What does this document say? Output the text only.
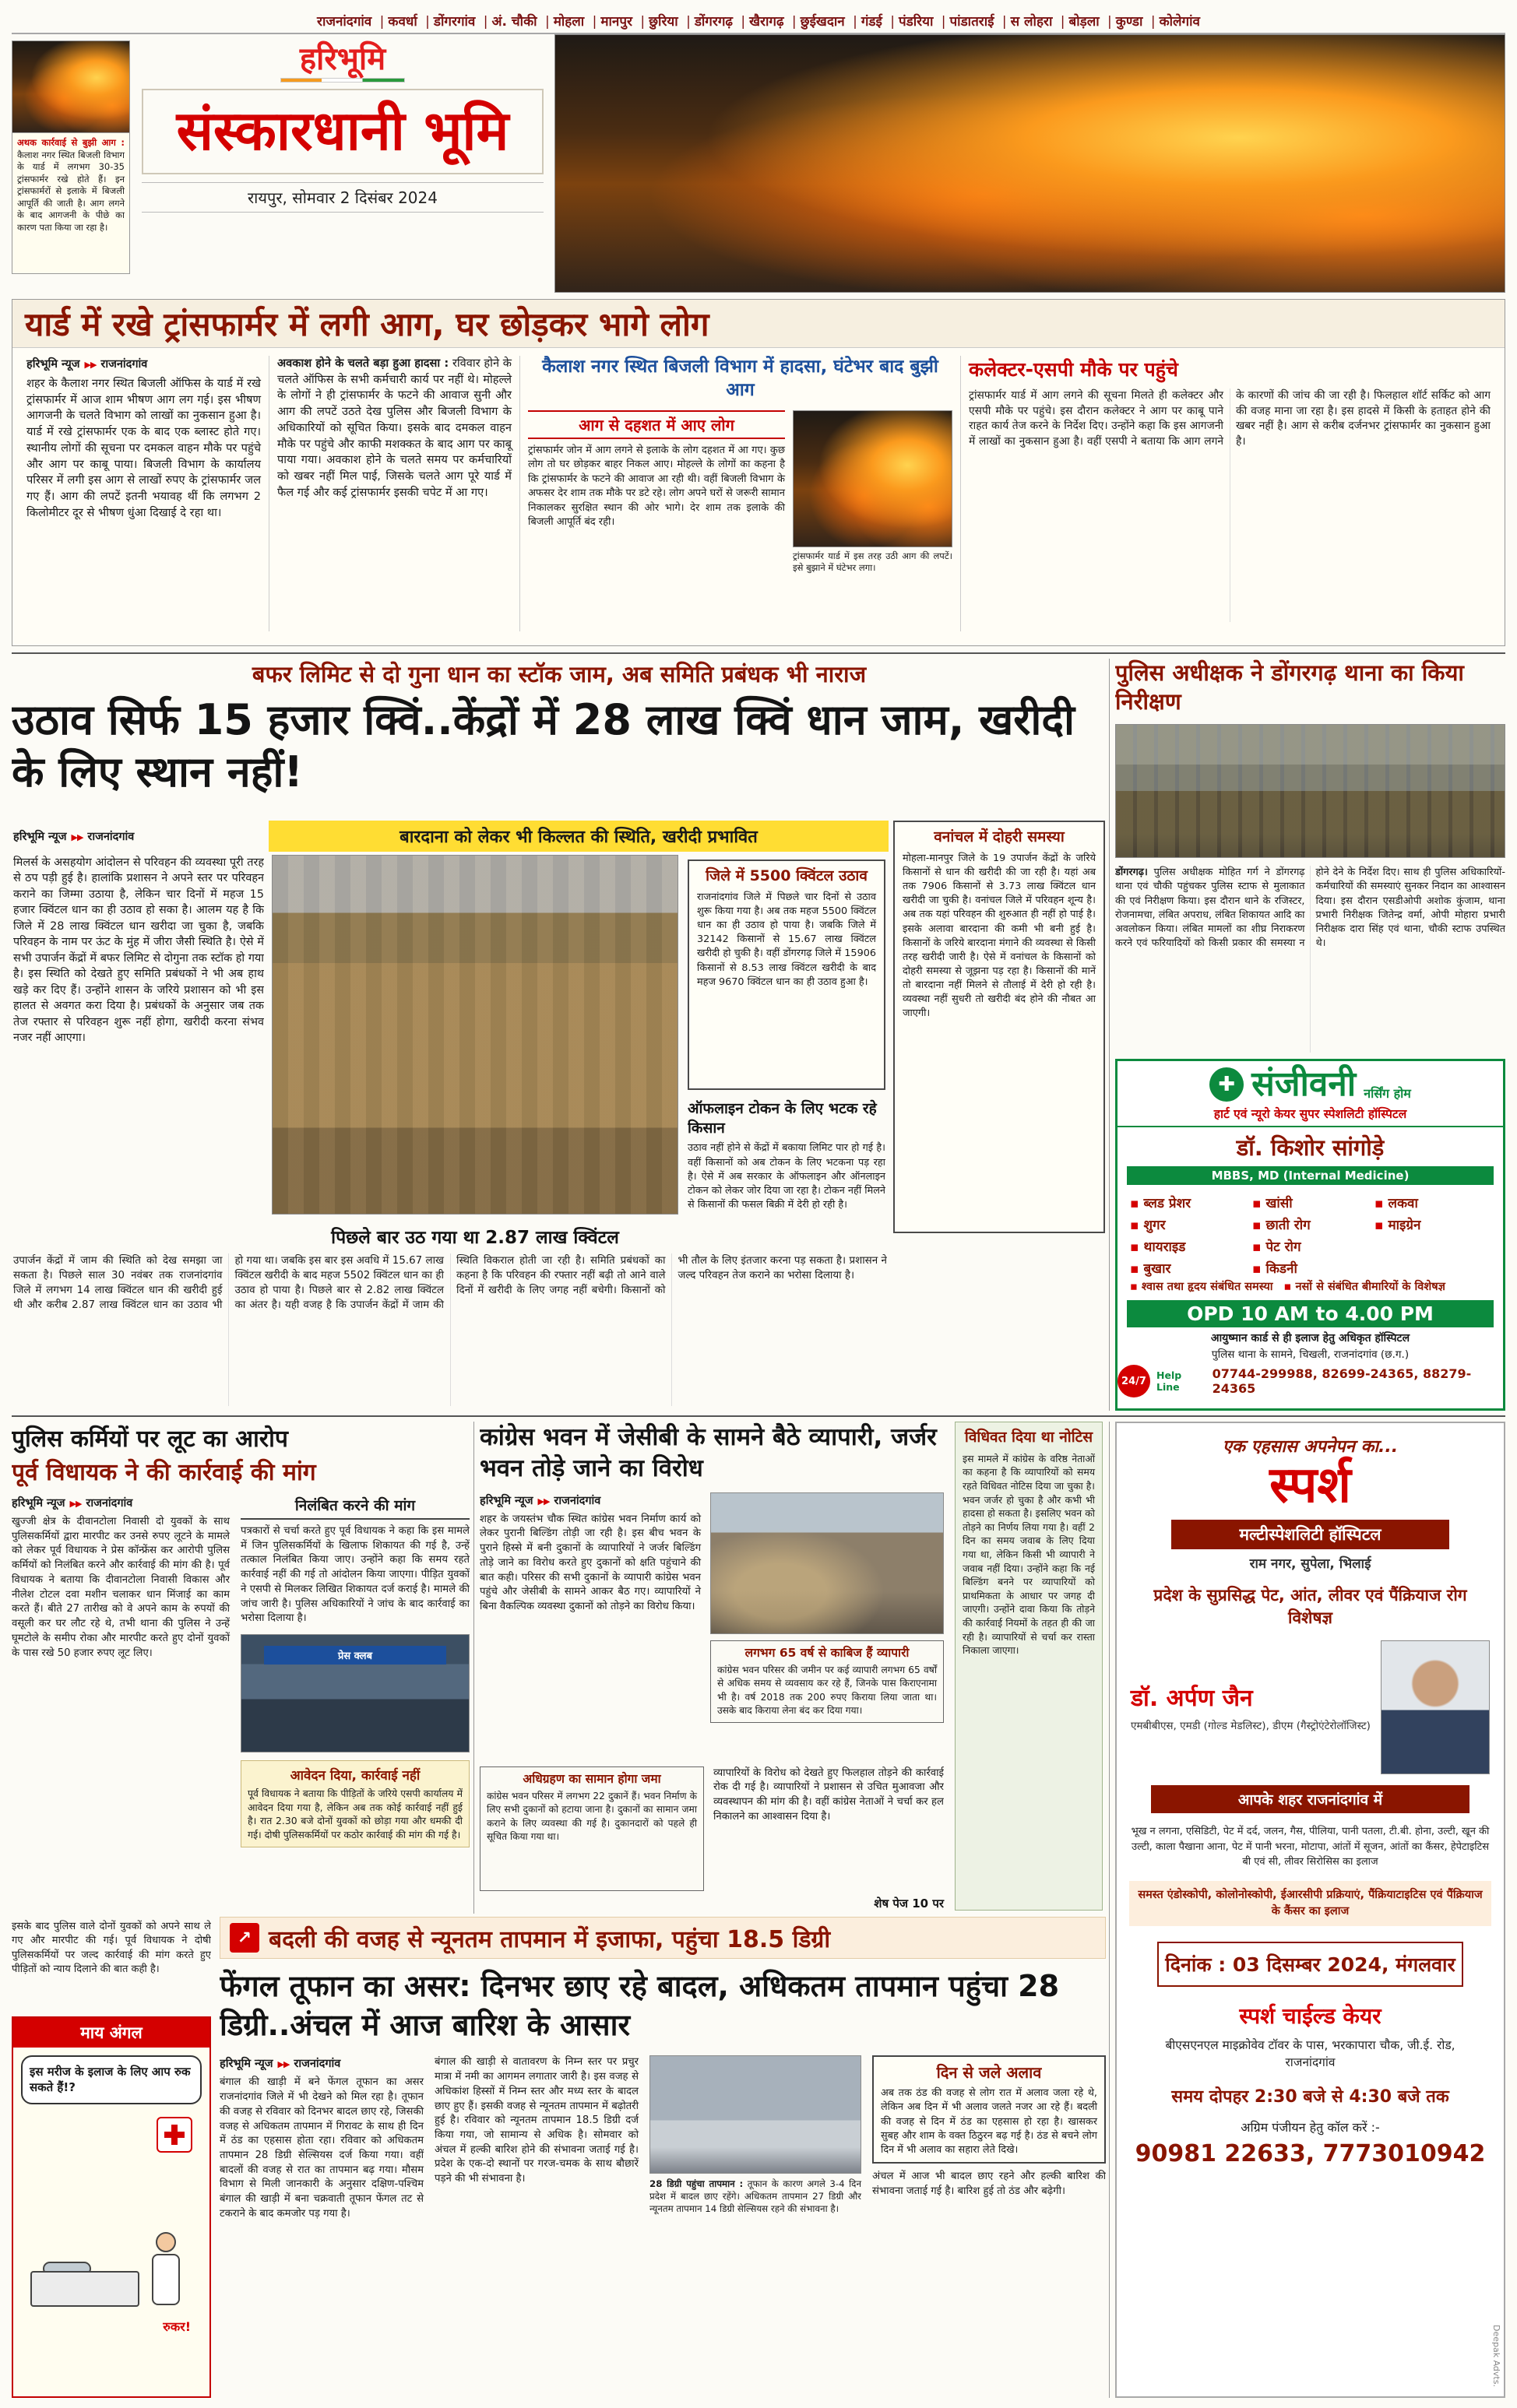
राजनांदगांव |	कवर्धा |	डोंगरगांव |	अं. चौकी |	मोहला |	मानपुर |	छुरिया |	डोंगरगढ़ |	खैरागढ़ |	छुईखदान |	गंडई |	पंडरिया |	पांडातराई |	स लोहरा |	बोड़ला |	कुण्डा |	कोलेगांव
अथक कार्रवाई से बुझी आग : कैलाश नगर स्थित बिजली विभाग के यार्ड में लगभग 30-35 ट्रांसफार्मर रखे होते हैं। इन ट्रांसफार्मरों से इलाके में बिजली आपूर्ति की जाती है। आग लगने के बाद आगजनी के पीछे का कारण पता किया जा रहा है।
हरिभूमि
संस्कारधानी भूमि
रायपुर, सोमवार 2 दिसंबर 2024
यार्ड में रखे ट्रांसफार्मर में लगी आग, घर छोड़कर भागे लोग
हरिभूमि न्यूज ▶▶ राजनांदगांव

शहर के कैलाश नगर स्थित बिजली ऑफिस के यार्ड में रखे ट्रांसफार्मर में आज शाम भीषण आग लग गई। इस भीषण आगजनी के चलते विभाग को लाखों का नुकसान हुआ है। यार्ड में रखे ट्रांसफार्मर एक के बाद एक ब्लास्ट होते गए। स्थानीय लोगों की सूचना पर दमकल वाहन मौके पर पहुंचे और आग पर काबू पाया। बिजली विभाग के कार्यालय परिसर में लगी इस आग से लाखों रुपए के ट्रांसफार्मर जल गए हैं। आग की लपटें इतनी भयावह थीं कि लगभग 2 किलोमीटर दूर से भीषण धुंआ दिखाई दे रहा था।

अवकाश होने के चलते बड़ा हुआ हादसा : रविवार होने के चलते ऑफिस के सभी कर्मचारी कार्य पर नहीं थे। मोहल्ले के लोगों ने ही ट्रांसफार्मर के फटने की आवाज सुनी और आग की लपटें उठते देख पुलिस और बिजली विभाग के अधिकारियों को सूचित किया। इसके बाद दमकल वाहन मौके पर पहुंचे और काफी मशक्कत के बाद आग पर काबू पाया गया। अवकाश होने के चलते समय पर कर्मचारियों को खबर नहीं मिल पाई, जिसके चलते आग पूरे यार्ड में फैल गई और कई ट्रांसफार्मर इसकी चपेट में आ गए।

कैलाश नगर स्थित बिजली विभाग में हादसा, घंटेभर बाद बुझी आग
आग से दहशत में आए लोग

ट्रांसफार्मर जोन में आग लगने से इलाके के लोग दहशत में आ गए। कुछ लोग तो घर छोड़कर बाहर निकल आए। मोहल्ले के लोगों का कहना है कि ट्रांसफार्मर के फटने की आवाज आ रही थी। वहीं बिजली विभाग के अफसर देर शाम तक मौके पर डटे रहे। लोग अपने घरों से जरूरी सामान निकालकर सुरक्षित स्थान की ओर भागे। देर शाम तक इलाके की बिजली आपूर्ति बंद रही।

ट्रांसफार्मर यार्ड में इस तरह उठी आग की लपटें। इसे बुझाने में घंटेभर लगा।
कलेक्टर-एसपी मौके पर पहुंचे

ट्रांसफार्मर यार्ड में आग लगने की सूचना मिलते ही कलेक्टर और एसपी मौके पर पहुंचे। इस दौरान कलेक्टर ने आग पर काबू पाने राहत कार्य तेज करने के निर्देश दिए। उन्होंने कहा कि इस आगजनी में लाखों का नुकसान हुआ है। वहीं एसपी ने बताया कि आग लगने के कारणों की जांच की जा रही है। फिलहाल शॉर्ट सर्किट को आग की वजह माना जा रहा है। इस हादसे में किसी के हताहत होने की खबर नहीं है। आग से करीब दर्जनभर ट्रांसफार्मर का नुकसान हुआ है।

बफर लिमिट से दो गुना धान का स्टॉक जाम, अब समिति प्रबंधक भी नाराज
उठाव सिर्फ 15 हजार क्विं..केंद्रों में 28 लाख क्विं धान जाम, खरीदी के लिए स्थान नहीं!
हरिभूमि न्यूज ▶▶ राजनांदगांव	बारदाना को लेकर भी किल्लत की स्थिति, खरीदी प्रभावित	वनांचल में दोहरी समस्या

मोहला-मानपुर जिले के 19 उपार्जन केंद्रों के जरिये किसानों से धान की खरीदी की जा रही है। यहां अब तक 7906 किसानों से 3.73 लाख क्विंटल धान खरीदी जा चुकी है। वनांचल जिले में परिवहन शून्य है। अब तक यहां परिवहन की शुरुआत ही नहीं हो पाई है। इसके अलावा बारदाना की कमी भी बनी हुई है। किसानों के जरिये बारदाना मंगाने की व्यवस्था से किसी तरह खरीदी जारी है। ऐसे में वनांचल के किसानों को दोहरी समस्या से जूझना पड़ रहा है। किसानों की मानें तो बारदाना नहीं मिलने से तौलाई में देरी हो रही है। व्यवस्था नहीं सुधरी तो खरीदी बंद होने की नौबत आ जाएगी।

मिलर्स के असहयोग आंदोलन से परिवहन की व्यवस्था पूरी तरह से ठप पड़ी हुई है। हालांकि प्रशासन ने अपने स्तर पर परिवहन कराने का जिम्मा उठाया है, लेकिन चार दिनों में महज 15 हजार क्विंटल धान का ही उठाव हो सका है। आलम यह है कि जिले में 28 लाख क्विंटल धान खरीदा जा चुका है, जबकि परिवहन के नाम पर ऊंट के मुंह में जीरा जैसी स्थिति है। ऐसे में सभी उपार्जन केंद्रों में बफर लिमिट से दोगुना तक स्टॉक हो गया है। इस स्थिति को देखते हुए समिति प्रबंधकों ने भी अब हाथ खड़े कर दिए हैं। उन्होंने शासन के जरिये प्रशासन को भी इस हालत से अवगत करा दिया है। प्रबंधकों के अनुसार जब तक तेज रफ्तार से परिवहन शुरू नहीं होगा, खरीदी करना संभव नजर नहीं आएगा।

जिले में 5500 क्विंटल उठाव

राजनांदगांव जिले में पिछले चार दिनों से उठाव शुरू किया गया है। अब तक महज 5500 क्विंटल धान का ही उठाव हो पाया है। जबकि जिले में 32142 किसानों से 15.67 लाख क्विंटल खरीदी हो चुकी है। वहीं डोंगरगढ़ जिले में 15906 किसानों से 8.53 लाख क्विंटल खरीदी के बाद महज 9670 क्विंटल धान का ही उठाव हुआ है।

ऑफलाइन टोकन के लिए भटक रहे किसान

उठाव नहीं होने से केंद्रों में बकाया लिमिट पार हो गई है। वहीं किसानों को अब टोकन के लिए भटकना पड़ रहा है। ऐसे में अब सरकार के ऑफलाइन और ऑनलाइन टोकन को लेकर जोर दिया जा रहा है। टोकन नहीं मिलने से किसानों की फसल बिक्री में देरी हो रही है।

पिछले बार उठ गया था 2.87 लाख क्विंटल

उपार्जन केंद्रों में जाम की स्थिति को देख समझा जा सकता है। पिछले साल 30 नवंबर तक राजनांदगांव जिले में लगभग 14 लाख क्विंटल धान की खरीदी हुई थी और करीब 2.87 लाख क्विंटल धान का उठाव भी हो गया था। जबकि इस बार इस अवधि में 15.67 लाख क्विंटल खरीदी के बाद महज 5502 क्विंटल धान का ही उठाव हो पाया है। पिछले बार से 2.82 लाख क्विंटल का अंतर है। यही वजह है कि उपार्जन केंद्रों में जाम की स्थिति विकराल होती जा रही है। समिति प्रबंधकों का कहना है कि परिवहन की रफ्तार नहीं बढ़ी तो आने वाले दिनों में खरीदी के लिए जगह नहीं बचेगी। किसानों को भी तौल के लिए इंतजार करना पड़ सकता है। प्रशासन ने जल्द परिवहन तेज कराने का भरोसा दिलाया है।

पुलिस अधीक्षक ने डोंगरगढ़ थाना का किया निरीक्षण

डोंगरगढ़। पुलिस अधीक्षक मोहित गर्ग ने डोंगरगढ़ थाना एवं चौकी पहुंचकर पुलिस स्टाफ से मुलाकात की एवं निरीक्षण किया। इस दौरान थाने के रजिस्टर, रोजनामचा, लंबित अपराध, लंबित शिकायत आदि का अवलोकन किया। लंबित मामलों का शीघ्र निराकरण करने एवं फरियादियों को किसी प्रकार की समस्या न होने देने के निर्देश दिए। साथ ही पुलिस अधिकारियों-कर्मचारियों की समस्याएं सुनकर निदान का आश्वासन दिया। इस दौरान एसडीओपी अशोक कुंजाम, थाना प्रभारी निरीक्षक जितेन्द्र वर्मा, ओपी मोहारा प्रभारी निरीक्षक दारा सिंह एवं थाना, चौकी स्टाफ उपस्थित थे।

✚ संजीवनी नर्सिंग होम
हार्ट एवं न्यूरो केयर सुपर स्पेशलिटी हॉस्पिटल
डॉ. किशोर सांगोड़े
MBBS, MD (Internal Medicine)
▪ ब्लड प्रेशर
▪ शुगर
▪ थायराइड
▪ बुखार
▪ खांसी
▪ छाती रोग
▪ पेट रोग
▪ किडनी
▪ लकवा
▪ माइग्रेन
▪ श्वास तथा हृदय संबंधित समस्या	▪ नसों से संबंधित बीमारियों के विशेषज्ञ
OPD 10 AM to 4.00 PM
आयुष्मान कार्ड से ही इलाज हेतु अधिकृत हॉस्पिटल
पुलिस थाना के सामने, चिखली, राजनांदगांव (छ.ग.)
24/7	Help Line
07744-299988, 82699-24365, 88279-24365
पुलिस कर्मियों पर लूट का आरोप
पूर्व विधायक ने की कार्रवाई की मांग
हरिभूमि न्यूज ▶▶ राजनांदगांव

खुज्जी क्षेत्र के दीवानटोला निवासी दो युवकों के साथ पुलिसकर्मियों द्वारा मारपीट कर उनसे रुपए लूटने के मामले को लेकर पूर्व विधायक ने प्रेस कॉन्फ्रेंस कर आरोपी पुलिस कर्मियों को निलंबित करने और कार्रवाई की मांग की है। पूर्व विधायक ने बताया कि दीवानटोला निवासी विकास और नीलेश टोटल दवा मशीन चलाकर धान मिंजाई का काम करते हैं। बीते 27 तारीख को वे अपने काम के रुपयों की वसूली कर घर लौट रहे थे, तभी थाना की पुलिस ने उन्हें घूमटोले के समीप रोका और मारपीट करते हुए दोनों युवकों के पास रखे 50 हजार रुपए लूट लिए।

निलंबित करने की मांग

पत्रकारों से चर्चा करते हुए पूर्व विधायक ने कहा कि इस मामले में जिन पुलिसकर्मियों के खिलाफ शिकायत की गई है, उन्हें तत्काल निलंबित किया जाए। उन्होंने कहा कि समय रहते कार्रवाई नहीं की गई तो आंदोलन किया जाएगा। पीड़ित युवकों ने एसपी से मिलकर लिखित शिकायत दर्ज कराई है। मामले की जांच जारी है। पुलिस अधिकारियों ने जांच के बाद कार्रवाई का भरोसा दिलाया है।

प्रेस क्लब
आवेदन दिया, कार्रवाई नहीं

पूर्व विधायक ने बताया कि पीड़ितों के जरिये एसपी कार्यालय में आवेदन दिया गया है, लेकिन अब तक कोई कार्रवाई नहीं हुई है। रात 2.30 बजे दोनों युवकों को छोड़ा गया और धमकी दी गई। दोषी पुलिसकर्मियों पर कठोर कार्रवाई की मांग की गई है।

इसके बाद पुलिस वाले दोनों युवकों को अपने साथ ले गए और मारपीट की गई। पूर्व विधायक ने दोषी पुलिसकर्मियों पर जल्द कार्रवाई की मांग करते हुए पीड़ितों को न्याय दिलाने की बात कही है।

माय अंगल
इस मरीज के इलाज के लिए आप रुक सकते हैं!?
रुकर!
कांग्रेस भवन में जेसीबी के सामने बैठे व्यापारी, जर्जर भवन तोड़े जाने का विरोध
विधिवत दिया था नोटिस

इस मामले में कांग्रेस के वरिष्ठ नेताओं का कहना है कि व्यापारियों को समय रहते विधिवत नोटिस दिया जा चुका है। भवन जर्जर हो चुका है और कभी भी हादसा हो सकता है। इसलिए भवन को तोड़ने का निर्णय लिया गया है। वहीं 2 दिन का समय जवाब के लिए दिया गया था, लेकिन किसी भी व्यापारी ने जवाब नहीं दिया। उन्होंने कहा कि नई बिल्डिंग बनने पर व्यापारियों को प्राथमिकता के आधार पर जगह दी जाएगी। उन्होंने दावा किया कि तोड़ने की कार्रवाई नियमों के तहत ही की जा रही है। व्यापारियों से चर्चा कर रास्ता निकाला जाएगा।

हरिभूमि न्यूज ▶▶ राजनांदगांव

शहर के जयस्तंभ चौक स्थित कांग्रेस भवन निर्माण कार्य को लेकर पुरानी बिल्डिंग तोड़ी जा रही है। इस बीच भवन के पुराने हिस्से में बनी दुकानों के व्यापारियों ने जर्जर बिल्डिंग तोड़े जाने का विरोध करते हुए दुकानों को क्षति पहुंचाने की बात कही। परिसर की सभी दुकानों के व्यापारी कांग्रेस भवन पहुंचे और जेसीबी के सामने आकर बैठ गए। व्यापारियों ने बिना वैकल्पिक व्यवस्था दुकानों को तोड़ने का विरोध किया।

लगभग 65 वर्ष से काबिज हैं व्यापारी

कांग्रेस भवन परिसर की जमीन पर कई व्यापारी लगभग 65 वर्षों से अधिक समय से व्यवसाय कर रहे हैं, जिनके पास किराएनामा भी है। वर्ष 2018 तक 200 रुपए किराया लिया जाता था। उसके बाद किराया लेना बंद कर दिया गया।

अधिग्रहण का सामान होगा जमा

कांग्रेस भवन परिसर में लगभग 22 दुकानें हैं। भवन निर्माण के लिए सभी दुकानों को हटाया जाना है। दुकानों का सामान जमा कराने के लिए व्यवस्था की गई है। दुकानदारों को पहले ही सूचित किया गया था।

व्यापारियों के विरोध को देखते हुए फिलहाल तोड़ने की कार्रवाई रोक दी गई है। व्यापारियों ने प्रशासन से उचित मुआवजा और व्यवस्थापन की मांग की है। वहीं कांग्रेस नेताओं ने चर्चा कर हल निकालने का आश्वासन दिया है।

शेष पेज 10 पर
↗ बदली की वजह से न्यूनतम तापमान में इजाफा, पहुंचा 18.5 डिग्री
फेंगल तूफान का असर: दिनभर छाए रहे बादल, अधिकतम तापमान पहुंचा 28 डिग्री..अंचल में आज बारिश के आसार
हरिभूमि न्यूज ▶▶ राजनांदगांव

बंगाल की खाड़ी में बने फेंगल तूफान का असर राजनांदगांव जिले में भी देखने को मिल रहा है। तूफान की वजह से रविवार को दिनभर बादल छाए रहे, जिसकी वजह से अधिकतम तापमान में गिरावट के साथ ही दिन में ठंड का एहसास होता रहा। रविवार को अधिकतम तापमान 28 डिग्री सेल्सियस दर्ज किया गया। वहीं बादलों की वजह से रात का तापमान बढ़ गया। मौसम विभाग से मिली जानकारी के अनुसार दक्षिण-पश्चिम बंगाल की खाड़ी में बना चक्रवाती तूफान फेंगल तट से टकराने के बाद कमजोर पड़ गया है।

बंगाल की खाड़ी से वातावरण के निम्न स्तर पर प्रचुर मात्रा में नमी का आगमन लगातार जारी है। इस वजह से अधिकांश हिस्सों में निम्न स्तर और मध्य स्तर के बादल छाए हुए हैं। इसकी वजह से न्यूनतम तापमान में बढ़ोतरी हुई है। रविवार को न्यूनतम तापमान 18.5 डिग्री दर्ज किया गया, जो सामान्य से अधिक है। सोमवार को अंचल में हल्की बारिश होने की संभावना जताई गई है। प्रदेश के एक-दो स्थानों पर गरज-चमक के साथ बौछारें पड़ने की भी संभावना है।	28 डिग्री पहुंचा तापमान : तूफान के कारण अगले 3-4 दिन प्रदेश में बादल छाए रहेंगे। अधिकतम तापमान 27 डिग्री और न्यूनतम तापमान 14 डिग्री सेल्सियस रहने की संभावना है।
दिन से जले अलाव

अब तक ठंड की वजह से लोग रात में अलाव जला रहे थे, लेकिन अब दिन में भी अलाव जलते नजर आ रहे हैं। बदली की वजह से दिन में ठंड का एहसास हो रहा है। खासकर सुबह और शाम के वक्त ठिठुरन बढ़ गई है। ठंड से बचने लोग दिन में भी अलाव का सहारा लेते दिखे।

अंचल में आज भी बादल छाए रहने और हल्की बारिश की संभावना जताई गई है। बारिश हुई तो ठंड और बढ़ेगी।

एक एहसास अपनेपन का...
स्पर्श
मल्टीस्पेशलिटी हॉस्पिटल
राम नगर, सुपेला, भिलाई
प्रदेश के सुप्रसिद्ध पेट, आंत, लीवर एवं पैंक्रियाज रोग विशेषज्ञ
डॉ. अर्पण जैन
एमबीबीएस, एमडी (गोल्ड मेडलिस्ट), डीएम (गैस्ट्रोएंटेरोलॉजिस्ट)
आपके शहर राजनांदगांव में
भूख न लगना, एसिडिटी, पेट में दर्द, जलन, गैस, पीलिया, पानी पतला, टी.बी. होना, उल्टी, खून की उल्टी, काला पैखाना आना, पेट में पानी भरना, मोटापा, आंतों में सूजन, आंतों का कैंसर, हेपेटाइटिस बी एवं सी, लीवर सिरोसिस का इलाज
समस्त एंडोस्कोपी, कोलोनोस्कोपी, ईआरसीपी प्रक्रियाएं, पैंक्रियाटाइटिस एवं पैंक्रियाज के कैंसर का इलाज
दिनांक : 03 दिसम्बर 2024, मंगलवार
स्पर्श चाईल्ड केयर
बीएसएनएल माइक्रोवेव टॉवर के पास, भरकापारा चौक, जी.ई. रोड, राजनांदगांव
समय दोपहर 2:30 बजे से 4:30 बजे तक
अग्रिम पंजीयन हेतु कॉल करें :-
90981 22633, 7773010942
Deepak Advts.
